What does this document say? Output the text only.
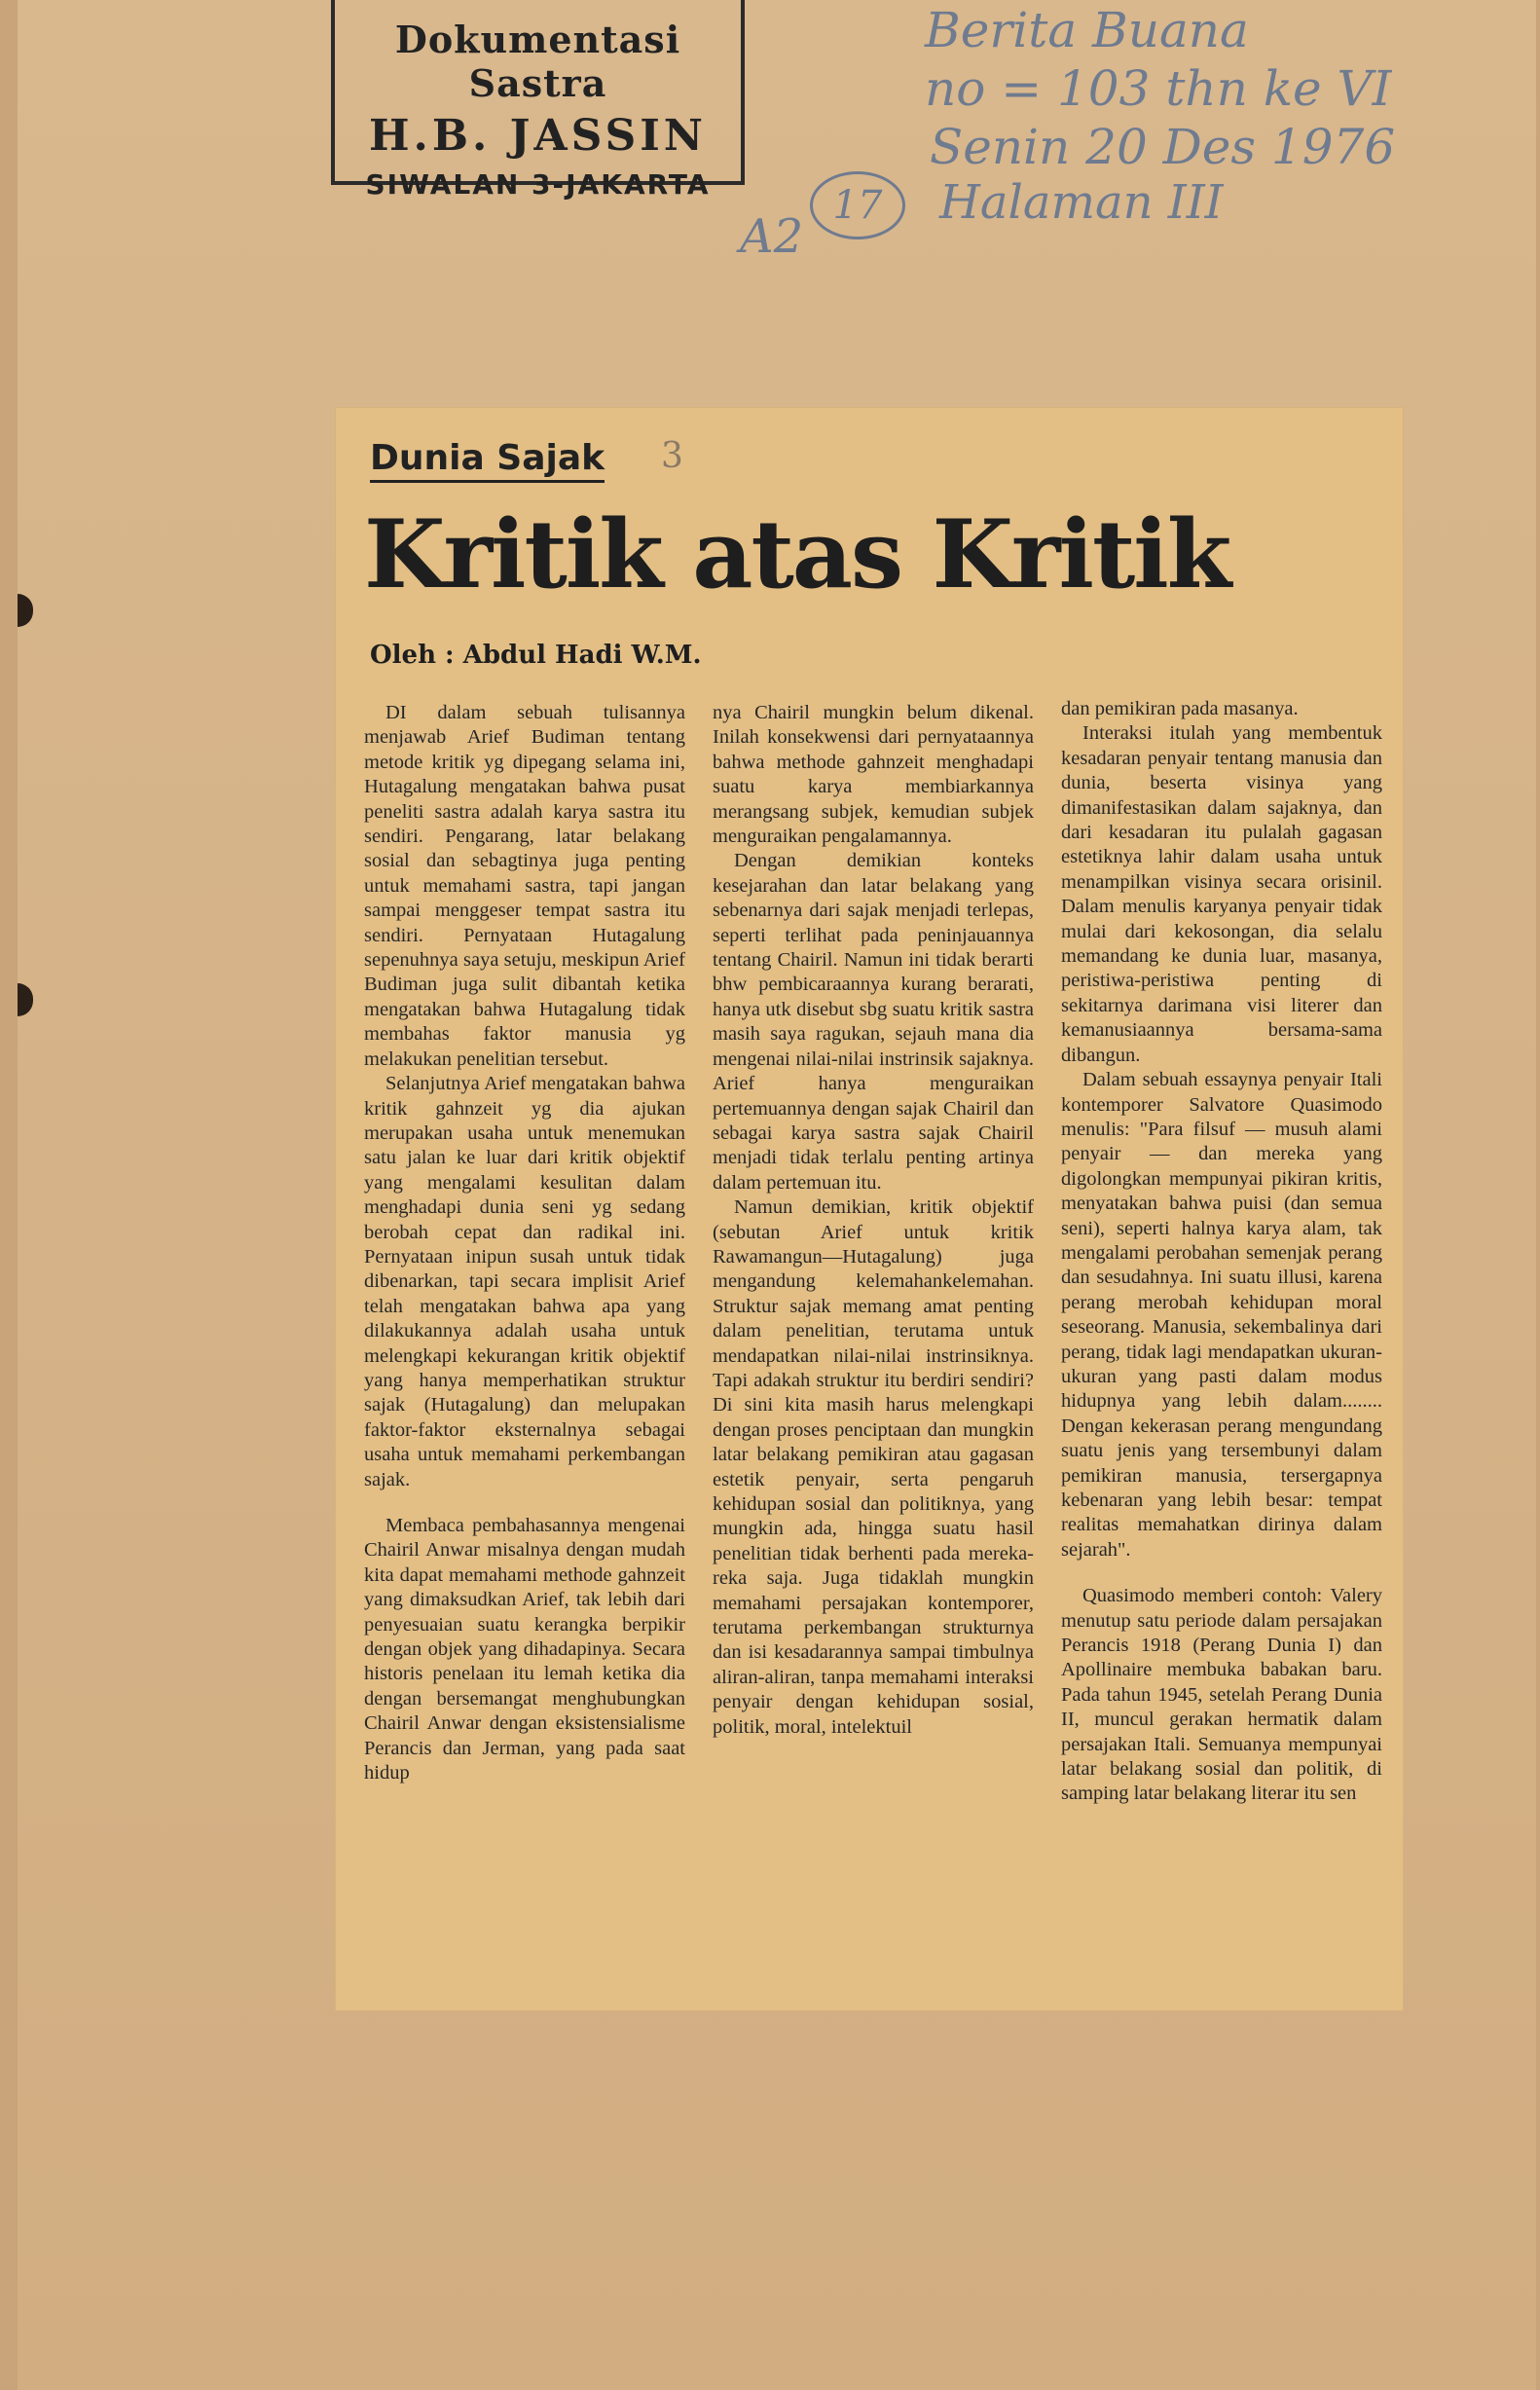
Dokumentasi Sastra
H.B. JASSIN
SIWALAN 3-JAKARTA
Berita Buana
no = 103 thn ke VI
Senin 20 Des 1976
Halaman III
17
A2
Dunia Sajak 3
Kritik atas Kritik
Oleh : Abdul Hadi W.M.

DI dalam sebuah tulisannya menjawab Arief Budiman tentang metode kritik yg dipegang selama ini, Hutagalung mengatakan bahwa pusat peneliti sastra adalah karya sastra itu sendiri. Pengarang, latar belakang sosial dan sebagtinya juga penting untuk memahami sastra, tapi jangan sampai menggeser tempat sastra itu sendiri. Pernyataan Hutagalung sepenuhnya saya setuju, meskipun Arief Budiman juga sulit dibantah ketika mengatakan bahwa Hutagalung tidak membahas faktor manusia yg melakukan penelitian tersebut.

Selanjutnya Arief mengatakan bahwa kritik gahnzeit yg dia ajukan merupakan usaha untuk menemukan satu jalan ke luar dari kritik objektif yang mengalami kesulitan dalam menghadapi dunia seni yg sedang berobah cepat dan radikal ini. Pernyataan inipun susah untuk tidak dibenarkan, tapi secara implisit Arief telah mengatakan bahwa apa yang dilakukannya adalah usaha untuk melengkapi kekurangan kritik objektif yang hanya memperhatikan struktur sajak (Hutagalung) dan melupakan faktor-faktor eksternalnya sebagai usaha untuk memahami perkembangan sajak.

Membaca pembahasannya mengenai Chairil Anwar misalnya dengan mudah kita dapat memahami methode gahnzeit yang dimaksudkan Arief, tak lebih dari penyesuaian suatu kerangka berpikir dengan objek yang dihadapinya. Secara historis penelaan itu lemah ketika dia dengan bersemangat menghubungkan Chairil Anwar dengan eksistensialisme Perancis dan Jerman, yang pada saat hidup

nya Chairil mungkin belum dikenal. Inilah konsekwensi dari pernyataannya bahwa methode gahnzeit menghadapi suatu karya membiarkannya merangsang subjek, kemudian subjek menguraikan pengalamannya.

Dengan demikian konteks kesejarahan dan latar belakang yang sebenarnya dari sajak menjadi terlepas, seperti terlihat pada peninjauannya tentang Chairil. Namun ini tidak berarti bhw pembicaraannya kurang berarati, hanya utk disebut sbg suatu kritik sastra masih saya ragukan, sejauh mana dia mengenai nilai-nilai instrinsik sajaknya. Arief hanya menguraikan pertemuannya dengan sajak Chairil dan sebagai karya sastra sajak Chairil menjadi tidak terlalu penting artinya dalam pertemuan itu.

Namun demikian, kritik objektif (sebutan Arief untuk kritik Rawamangun—Hutagalung) juga mengandung kelemahankelemahan. Struktur sajak memang amat penting dalam penelitian, terutama untuk mendapatkan nilai-nilai instrinsiknya. Tapi adakah struktur itu berdiri sendiri? Di sini kita masih harus melengkapi dengan proses penciptaan dan mungkin latar belakang pemikiran atau gagasan estetik penyair, serta pengaruh kehidupan sosial dan politiknya, yang mungkin ada, hingga suatu hasil penelitian tidak berhenti pada mereka-reka saja. Juga tidaklah mungkin memahami persajakan kontemporer, terutama perkembangan strukturnya dan isi kesadarannya sampai timbulnya aliran-aliran, tanpa memahami interaksi penyair dengan kehidupan sosial, politik, moral, intelektuil

dan pemikiran pada masanya.

Interaksi itulah yang membentuk kesadaran penyair tentang manusia dan dunia, beserta visinya yang dimanifestasikan dalam sajaknya, dan dari kesadaran itu pulalah gagasan estetiknya lahir dalam usaha untuk menampilkan visinya secara orisinil. Dalam menulis karyanya penyair tidak mulai dari kekosongan, dia selalu memandang ke dunia luar, masanya, peristiwa-peristiwa penting di sekitarnya darimana visi literer dan kemanusiaannya bersama-sama dibangun.

Dalam sebuah essaynya penyair Itali kontemporer Salvatore Quasimodo menulis: "Para filsuf — musuh alami penyair — dan mereka yang digolongkan mempunyai pikiran kritis, menyatakan bahwa puisi (dan semua seni), seperti halnya karya alam, tak mengalami perobahan semenjak perang dan sesudahnya. Ini suatu illusi, karena perang merobah kehidupan moral seseorang. Manusia, sekembalinya dari perang, tidak lagi mendapatkan ukuran-ukuran yang pasti dalam modus hidupnya yang lebih dalam........ Dengan kekerasan perang mengundang suatu jenis yang tersembunyi dalam pemikiran manusia, tersergapnya kebenaran yang lebih besar: tempat realitas memahatkan dirinya dalam sejarah".

Quasimodo memberi contoh: Valery menutup satu periode dalam persajakan Perancis 1918 (Perang Dunia I) dan Apollinaire membuka babakan baru. Pada tahun 1945, setelah Perang Dunia II, muncul gerakan hermatik dalam persajakan Itali. Semuanya mempunyai latar belakang sosial dan politik, di samping latar belakang literar itu sen
